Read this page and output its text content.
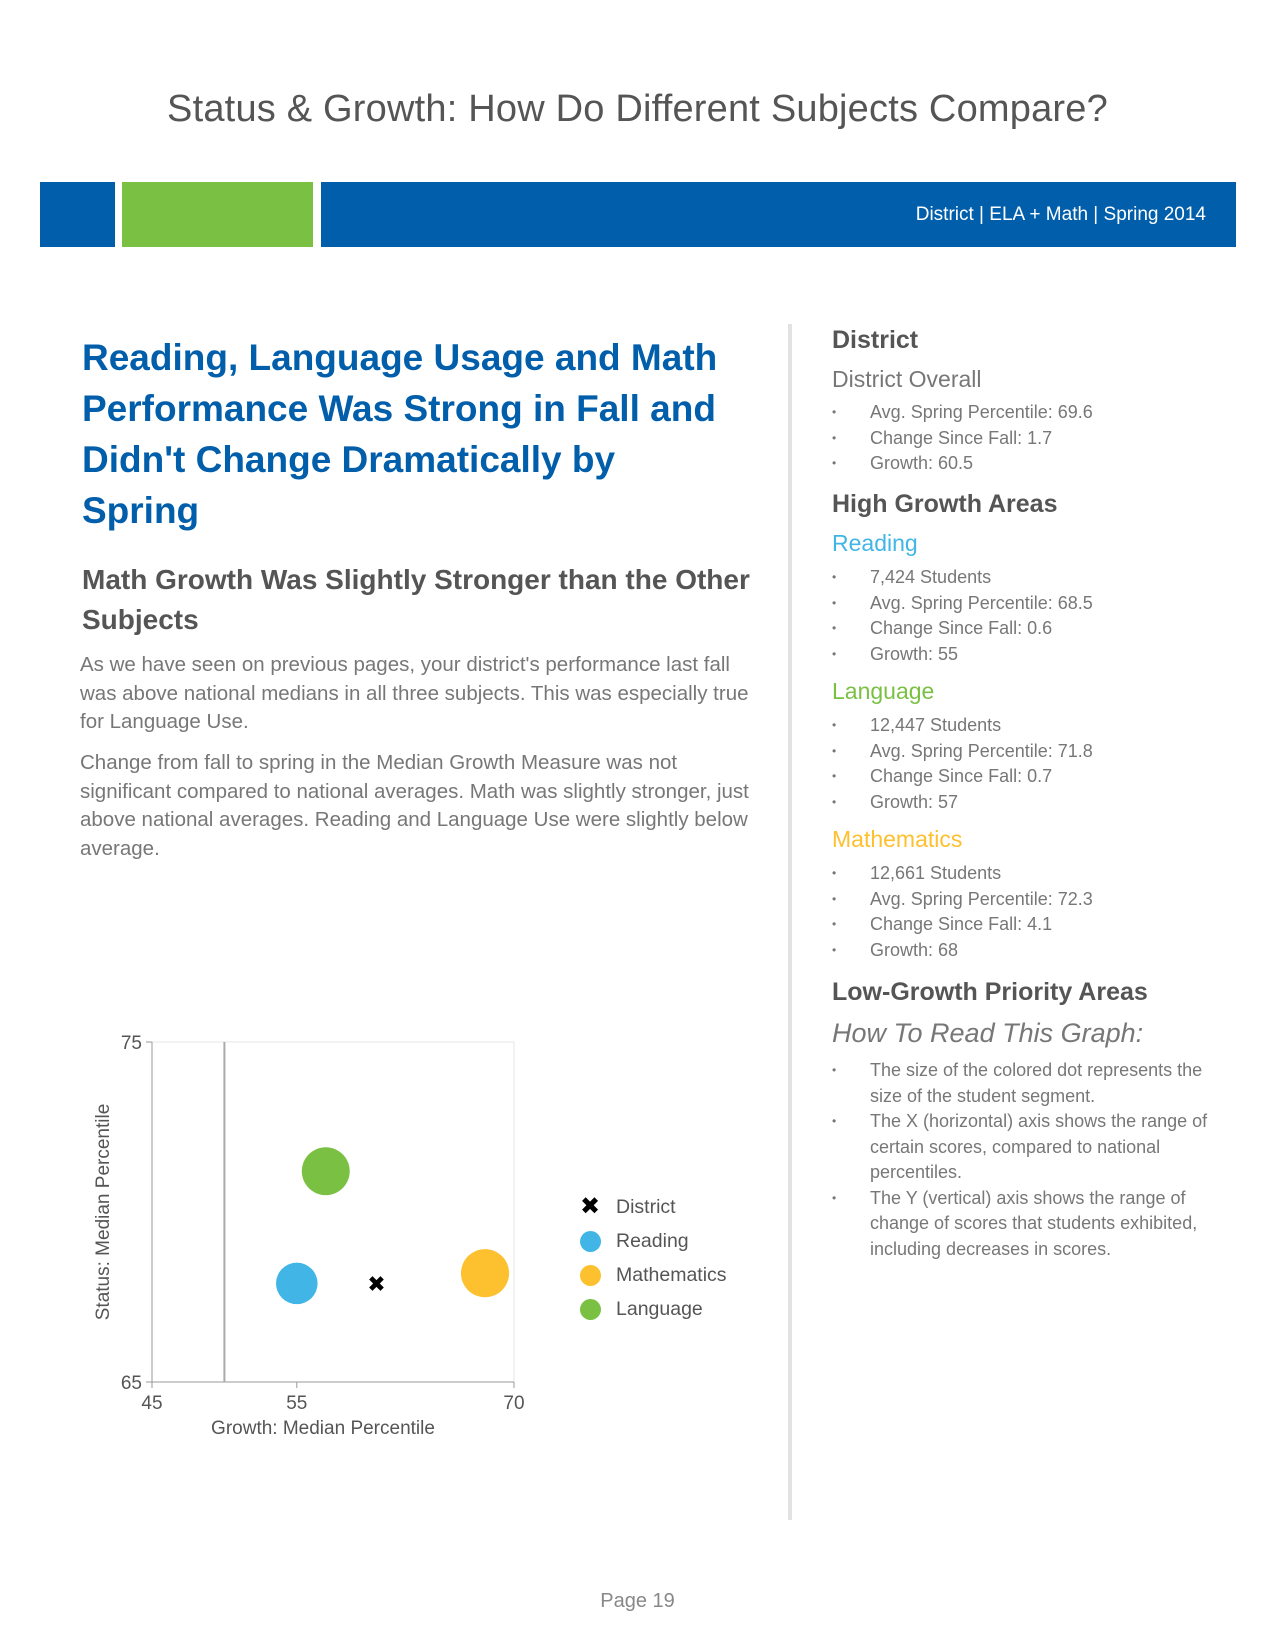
Status & Growth: How Do Different Subjects Compare?
District | ELA + Math | Spring 2014
Reading, Language Usage and Math Performance Was Strong in Fall and Didn't Change Dramatically by Spring
Math Growth Was Slightly Stronger than the Other Subjects

As we have seen on previous pages, your district's performance last fall was above national medians in all three subjects. This was especially true for Language Use.

Change from fall to spring in the Median Growth Measure was not significant compared to national averages. Math was slightly stronger, just above national averages. Reading and Language Use were slightly below average.

District
District Overall
• Avg. Spring Percentile: 69.6
• Change Since Fall: 1.7
• Growth: 60.5
High Growth Areas
Reading
• 7,424 Students
• Avg. Spring Percentile: 68.5
• Change Since Fall: 0.6
• Growth: 55
Language
• 12,447 Students
• Avg. Spring Percentile: 71.8
• Change Since Fall: 0.7
• Growth: 57
Mathematics
• 12,661 Students
• Avg. Spring Percentile: 72.3
• Change Since Fall: 4.1
• Growth: 68
Low-Growth Priority Areas
How To Read This Graph:
• The size of the colored dot represents the size of the student segment.
• The X (horizontal) axis shows the range of certain scores, compared to national percentiles.
• The Y (vertical) axis shows the range of change of scores that students exhibited, including decreases in scores.
45	55	70
75
65
Growth: Median Percentile
Status: Median Percentile	✖
✖ District
Reading
Mathematics
Language
Page 19
